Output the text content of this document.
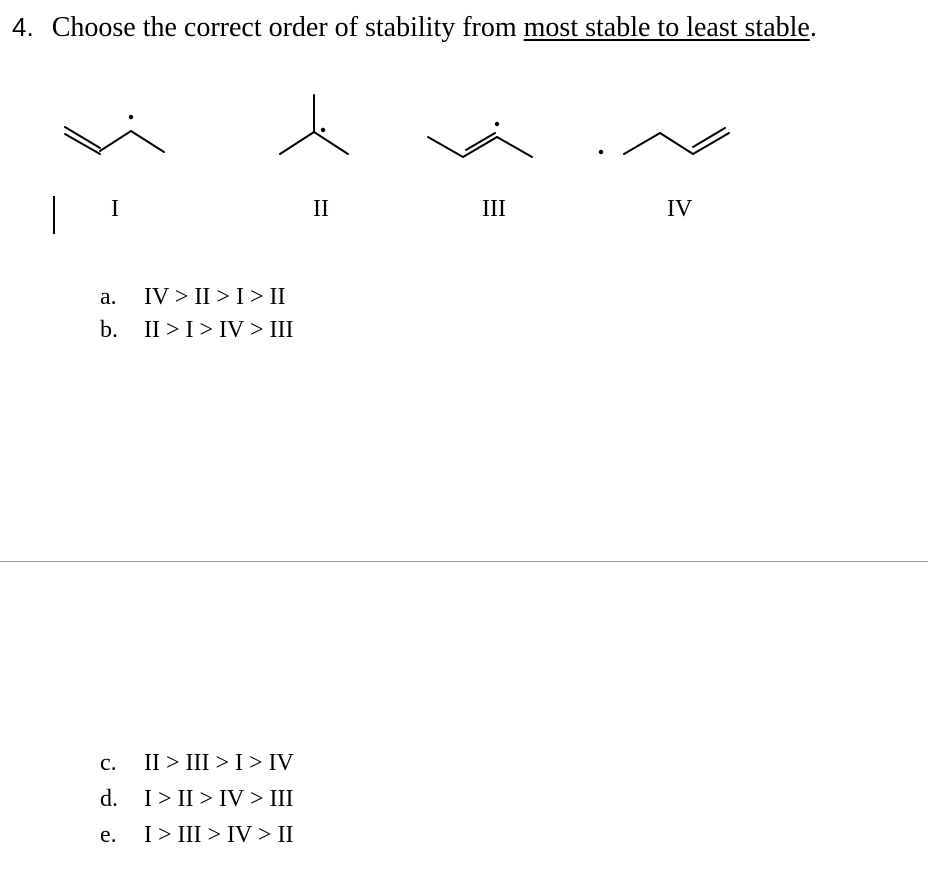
4. Choose the correct order of stability from most stable to least stable.
I	II	III	IV
a. IV > II > I > II
b. II > I > IV > III
c. II > III > I > IV
d. I > II > IV > III
e. I > III > IV > II
